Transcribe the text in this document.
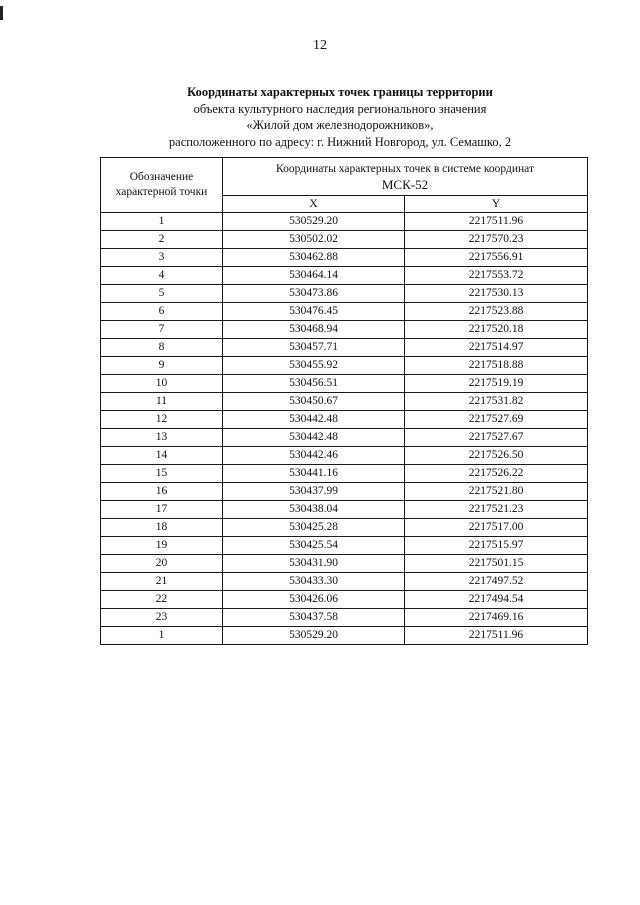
12
Координаты характерных точек границы территории
объекта культурного наследия регионального значения
«Жилой дом железнодорожников»,
расположенного по адресу: г. Нижний Новгород, ул. Семашко, 2
Обозначение
характерной точки	Координаты характерных точек в системе координат
МСК-52	

	X	Y
1	530529.20	2217511.96
2	530502.02	2217570.23
3	530462.88	2217556.91
4	530464.14	2217553.72
5	530473.86	2217530.13
6	530476.45	2217523.88
7	530468.94	2217520.18
8	530457.71	2217514.97
9	530455.92	2217518.88
10	530456.51	2217519.19
11	530450.67	2217531.82
12	530442.48	2217527.69
13	530442.48	2217527.67
14	530442.46	2217526.50
15	530441.16	2217526.22
16	530437.99	2217521.80
17	530438.04	2217521.23
18	530425.28	2217517.00
19	530425.54	2217515.97
20	530431.90	2217501.15
21	530433.30	2217497.52
22	530426.06	2217494.54
23	530437.58	2217469.16
1	530529.20	2217511.96
